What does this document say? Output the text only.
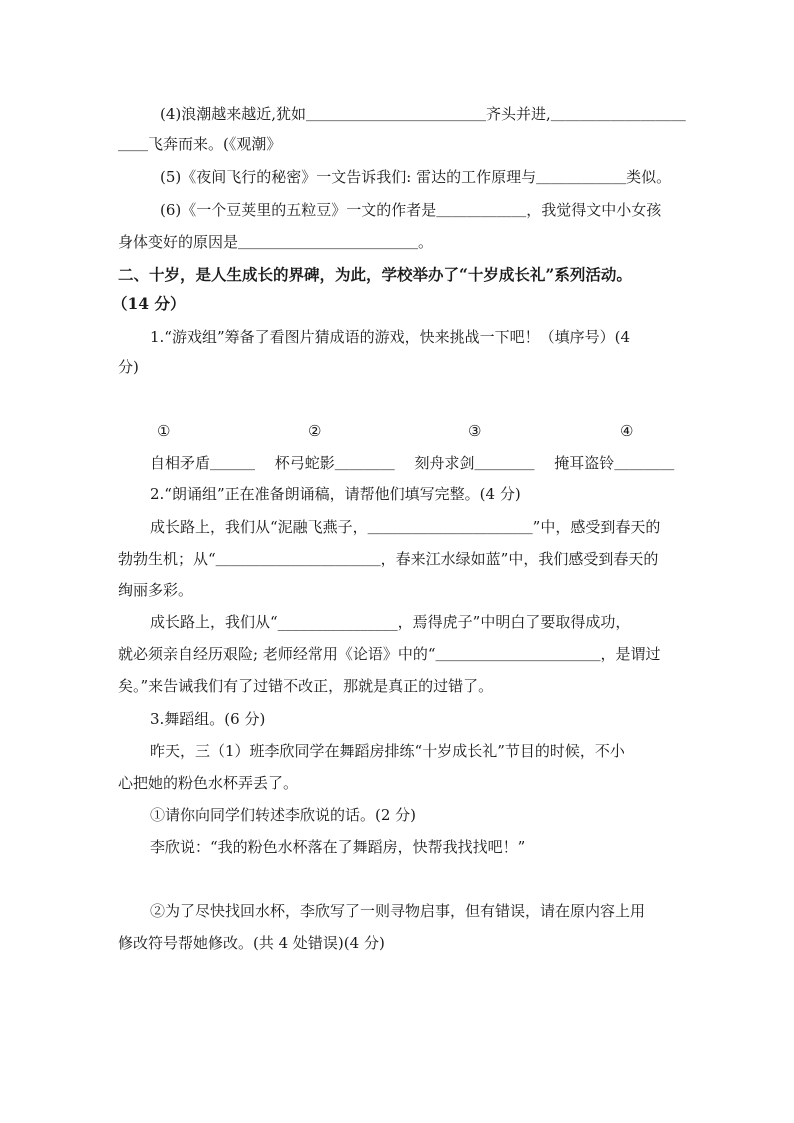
(4)浪潮越来越近,犹如＿＿＿＿＿＿＿＿＿＿＿＿齐头并进,＿＿＿＿＿＿＿＿＿
＿＿飞奔而来。(《观潮》
(5)《夜间飞行的秘密》一文告诉我们: 雷达的工作原理与＿＿＿＿＿＿类似。
(6)《一个豆荚里的五粒豆》一文的作者是＿＿＿＿＿＿，我觉得文中小女孩
身体变好的原因是＿＿＿＿＿＿＿＿＿＿＿＿。
二、十岁，是人生成长的界碑，为此，学校举办了“十岁成长礼”系列活动。
（14 分）
1.“游戏组”筹备了看图片猜成语的游戏，快来挑战一下吧！（填序号）(4
分)
①	②	③	④
自相矛盾＿＿＿　 杯弓蛇影＿＿＿＿　 刻舟求剑＿＿＿＿　 掩耳盗铃＿＿＿＿
2.“朗诵组”正在准备朗诵稿，请帮他们填写完整。(4 分)
成长路上，我们从“泥融飞燕子，＿＿＿＿＿＿＿＿＿＿＿”中，感受到春天的
勃勃生机；从“＿＿＿＿＿＿＿＿＿＿＿，春来江水绿如蓝”中，我们感受到春天的
绚丽多彩。
成长路上，我们从“________________，焉得虎子”中明白了要取得成功，
就必须亲自经历艰险; 老师经常用《论语》中的“＿＿＿＿＿＿＿＿＿＿＿，是谓过
矣。”来告诫我们有了过错不改正，那就是真正的过错了。
3.舞蹈组。(6 分)
昨天，三（1）班李欣同学在舞蹈房排练“十岁成长礼”节目的时候，不小
心把她的粉色水杯弄丢了。
①请你向同学们转述李欣说的话。(2 分)
李欣说：“我的粉色水杯落在了舞蹈房，快帮我找找吧！”
②为了尽快找回水杯，李欣写了一则寻物启事，但有错误，请在原内容上用
修改符号帮她修改。(共 4 处错误)(4 分)
